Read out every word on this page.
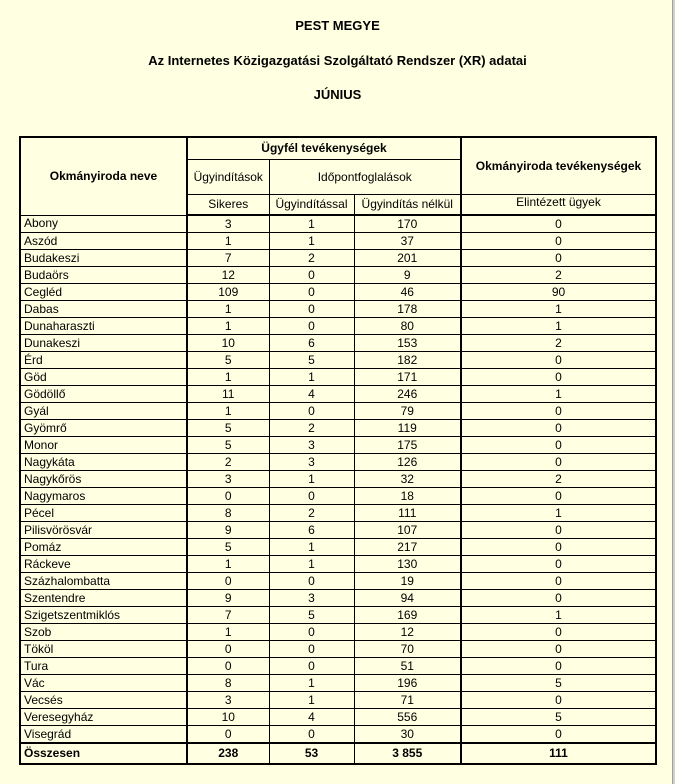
PEST MEGYE
Az Internetes Közigazgatási Szolgáltató Rendszer (XR) adatai
JÚNIUS
Okmányiroda neve	Ügyfél tevékenységek			Okmányiroda tevékenységek
	Ügyindítások	Időpontfoglalások		
	Sikeres	Ügyindítással	Ügyindítás nélkül	Elintézett ügyek
Abony	3	1	170	0
Aszód	1	1	37	0
Budakeszi	7	2	201	0
Budaörs	12	0	9	2
Cegléd	109	0	46	90
Dabas	1	0	178	1
Dunaharaszti	1	0	80	1
Dunakeszi	10	6	153	2
Érd	5	5	182	0
Göd	1	1	171	0
Gödöllő	11	4	246	1
Gyál	1	0	79	0
Gyömrő	5	2	119	0
Monor	5	3	175	0
Nagykáta	2	3	126	0
Nagykőrös	3	1	32	2
Nagymaros	0	0	18	0
Pécel	8	2	111	1
Pilisvörösvár	9	6	107	0
Pomáz	5	1	217	0
Ráckeve	1	1	130	0
Százhalombatta	0	0	19	0
Szentendre	9	3	94	0
Szigetszentmiklós	7	5	169	1
Szob	1	0	12	0
Tököl	0	0	70	0
Tura	0	0	51	0
Vác	8	1	196	5
Vecsés	3	1	71	0
Veresegyház	10	4	556	5
Visegrád	0	0	30	0
Összesen	238	53	3 855	111
